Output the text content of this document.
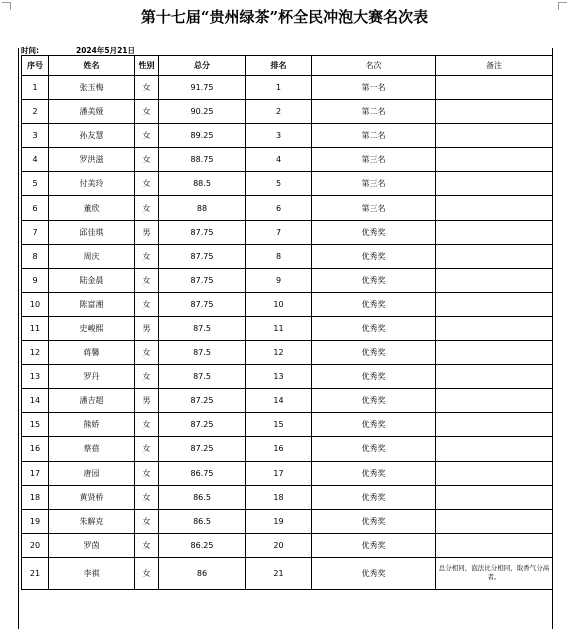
第十七届“贵州绿茶”杯全民冲泡大赛名次表
时间:	2024年5月21日
序号	姓名	性别	总分	排名	名次	备注
1	张玉梅	女	91.75	1	第一名	
2	潘美娅	女	90.25	2	第二名	
3	孙友慧	女	89.25	3	第二名	
4	罗洪滋	女	88.75	4	第三名	
5	付美玲	女	88.5	5	第三名	
6	董欣	女	88	6	第三名	
7	邱佳琪	男	87.75	7	优秀奖	
8	周庆	女	87.75	8	优秀奖	
9	陆金晨	女	87.75	9	优秀奖	
10	陈富湘	女	87.75	10	优秀奖	
11	史峻熙	男	87.5	11	优秀奖	
12	蒋馨	女	87.5	12	优秀奖	
13	罗丹	女	87.5	13	优秀奖	
14	潘吉超	男	87.25	14	优秀奖	
15	熊娇	女	87.25	15	优秀奖	
16	蔡蓓	女	87.25	16	优秀奖	
17	唐园	女	86.75	17	优秀奖	
18	黄贤桥	女	86.5	18	优秀奖	
19	朱解克	女	86.5	19	优秀奖	
20	罗茵	女	86.25	20	优秀奖	
21	李祺	女	86	21	优秀奖	总分相同，泡法比分相同，取香气分高者。
